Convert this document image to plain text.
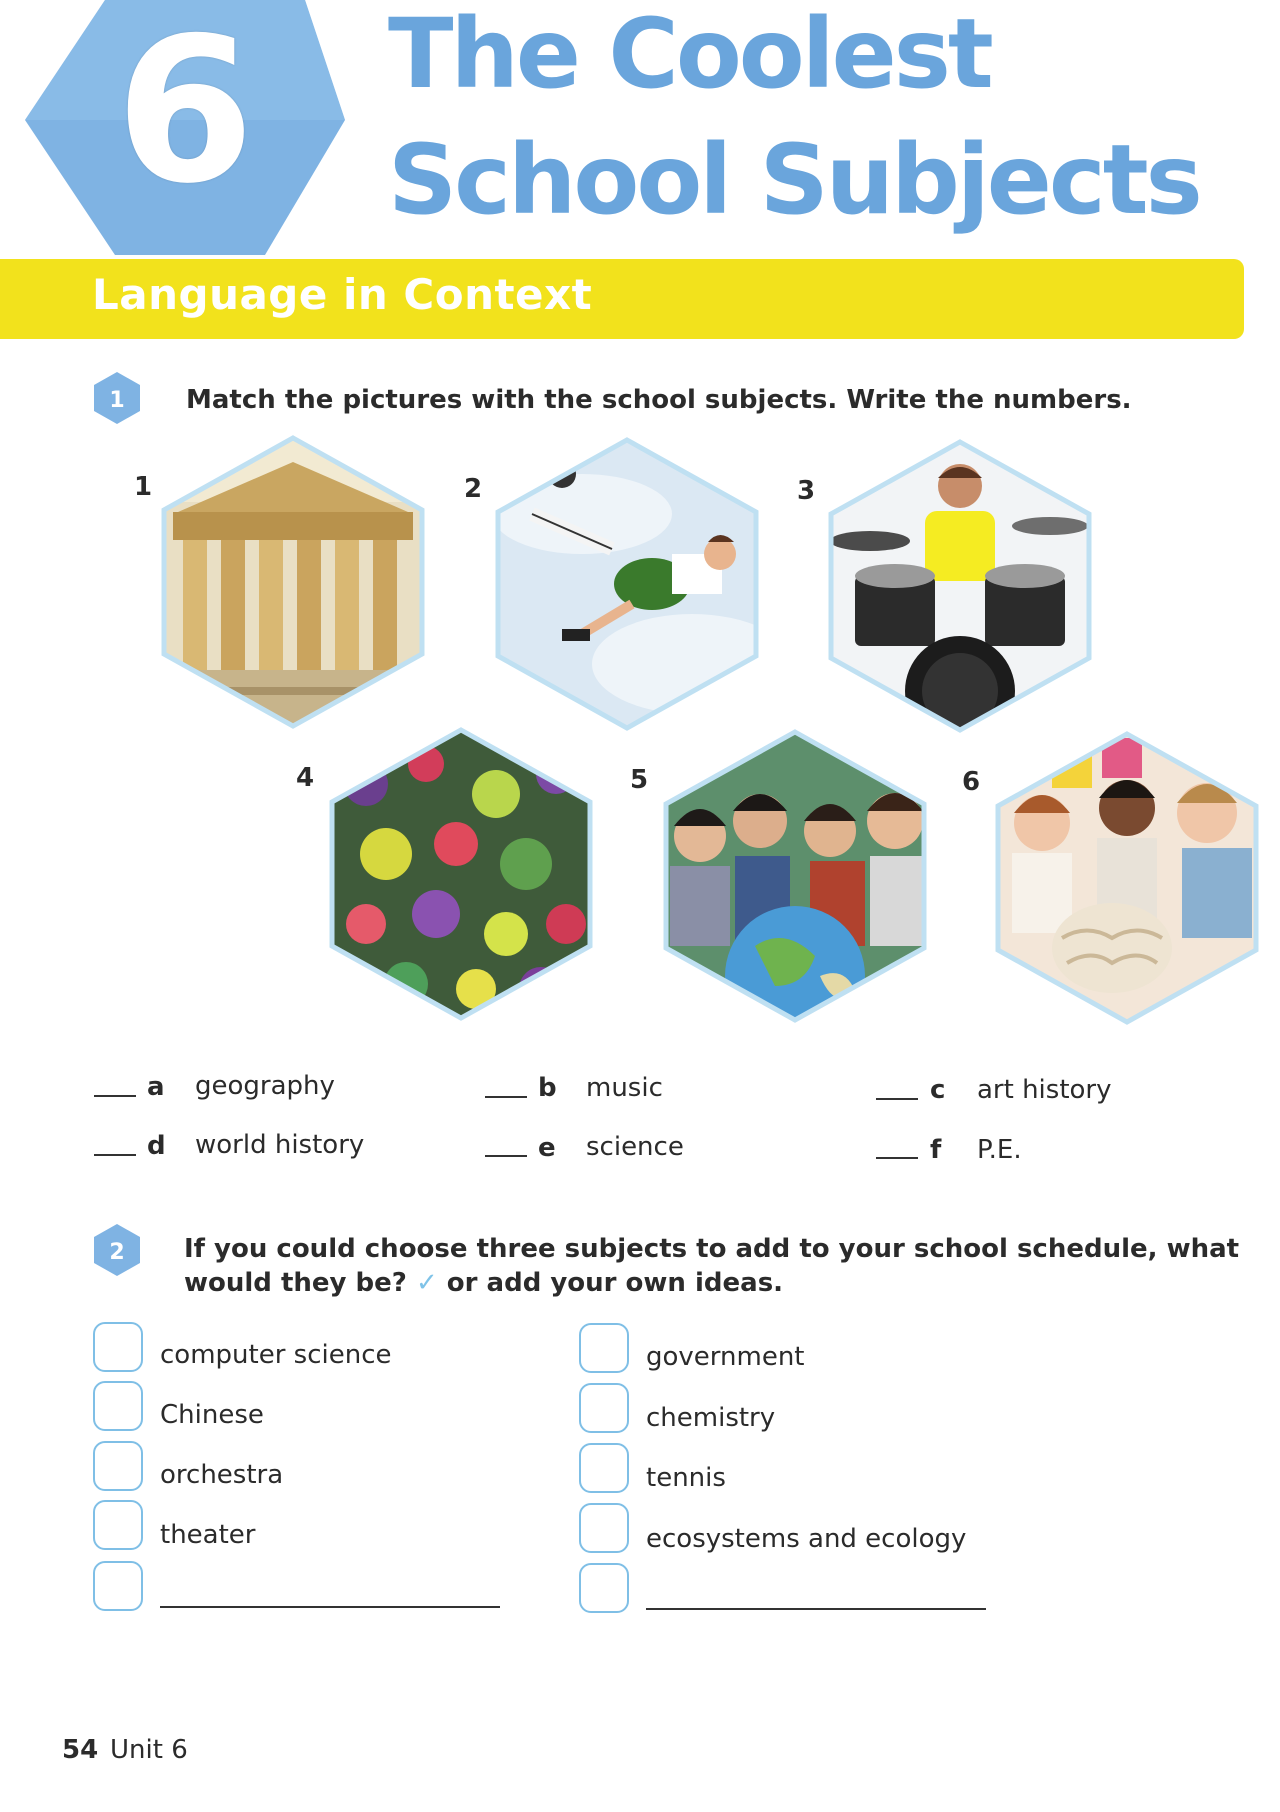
6 The Coolest
School Subjects
Language in Context
1 Match the pictures with the school subjects. Write the numbers.
1	2	3
4	5	6
a geography	b music	c art history
d world history	e science	f P.E.
2 If you could choose three subjects to add to your school schedule, what would they be? ✓ or add your own ideas.
computer science
Chinese
orchestra
theater
government
chemistry
tennis
ecosystems and ecology
54 Unit 6
